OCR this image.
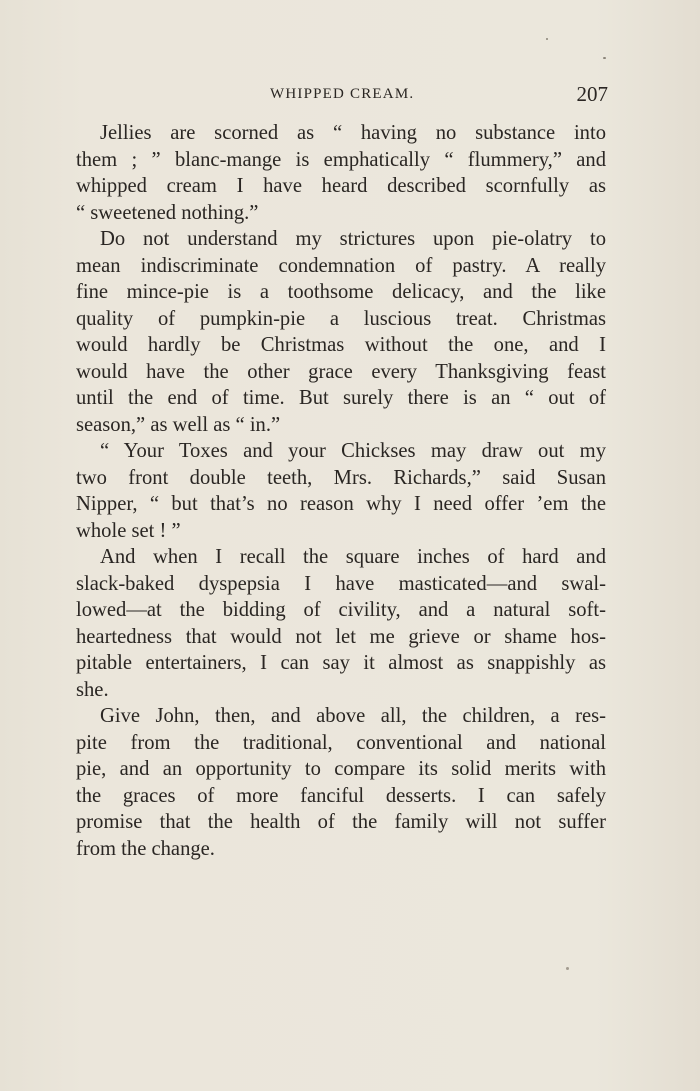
WHIPPED CREAM.	207

Jellies are scorned as “ having no substance into
them ; ” blanc-mange is emphatically “ flummery,” and
whipped cream I have heard described scornfully as
“ sweetened nothing.”

Do not understand my strictures upon pie-olatry to
mean indiscriminate condemnation of pastry. A really
fine mince-pie is a toothsome delicacy, and the like
quality of pumpkin-pie a luscious treat. Christmas
would hardly be Christmas without the one, and I
would have the other grace every Thanksgiving feast
until the end of time. But surely there is an “ out of
season,” as well as “ in.”

“ Your Toxes and your Chickses may draw out my
two front double teeth, Mrs. Richards,” said Susan
Nipper, “ but that’s no reason why I need offer ’em the
whole set ! ”

And when I recall the square inches of hard and
slack-baked dyspepsia I have masticated—and swal-
lowed—at the bidding of civility, and a natural soft-
heartedness that would not let me grieve or shame hos-
pitable entertainers, I can say it almost as snappishly as
she.

Give John, then, and above all, the children, a res-
pite from the traditional, conventional and national
pie, and an opportunity to compare its solid merits with
the graces of more fanciful desserts. I can safely
promise that the health of the family will not suffer
from the change.
